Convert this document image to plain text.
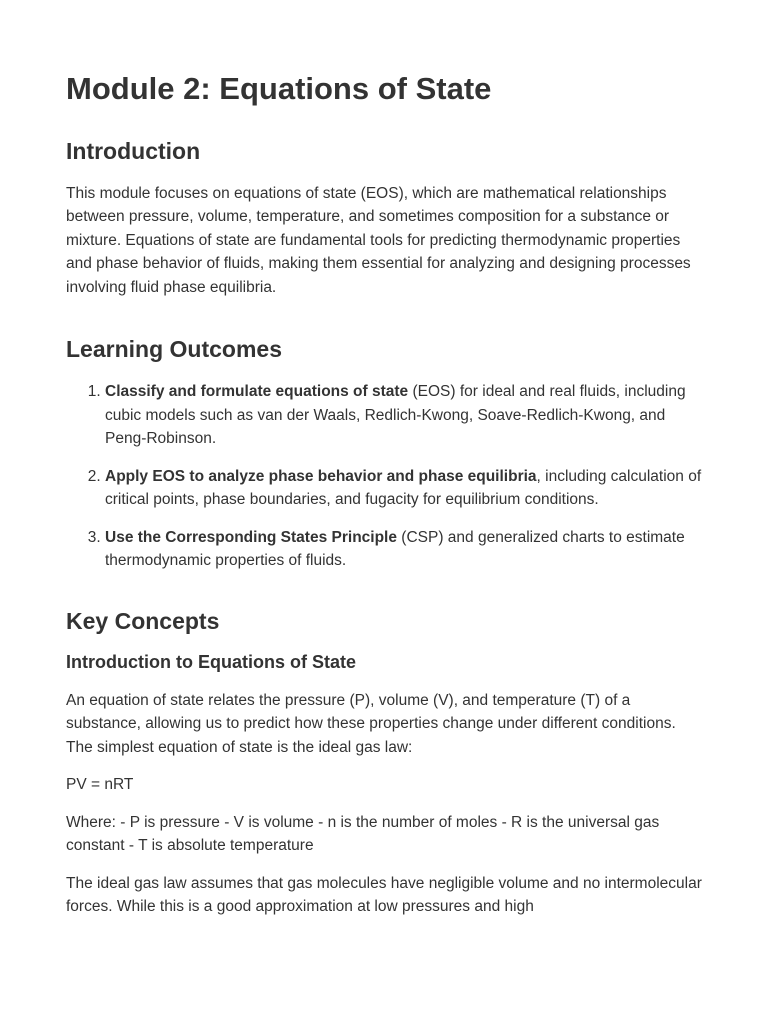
Module 2: Equations of State
Introduction

This module focuses on equations of state (EOS), which are mathematical relationships between pressure, volume, temperature, and sometimes composition for a substance or mixture. Equations of state are fundamental tools for predicting thermodynamic properties and phase behavior of fluids, making them essential for analyzing and designing processes involving fluid phase equilibria.

Learning Outcomes
1. Classify and formulate equations of state (EOS) for ideal and real fluids, including cubic models such as van der Waals, Redlich-Kwong, Soave-Redlich-Kwong, and Peng-Robinson.
2. Apply EOS to analyze phase behavior and phase equilibria, including calculation of critical points, phase boundaries, and fugacity for equilibrium conditions.
3. Use the Corresponding States Principle (CSP) and generalized charts to estimate thermodynamic properties of fluids.
Key Concepts
Introduction to Equations of State

An equation of state relates the pressure (P), volume (V), and temperature (T) of a substance, allowing us to predict how these properties change under different conditions. The simplest equation of state is the ideal gas law:

PV = nRT

Where: - P is pressure - V is volume - n is the number of moles - R is the universal gas constant - T is absolute temperature

The ideal gas law assumes that gas molecules have negligible volume and no intermolecular forces. While this is a good approximation at low pressures and high
